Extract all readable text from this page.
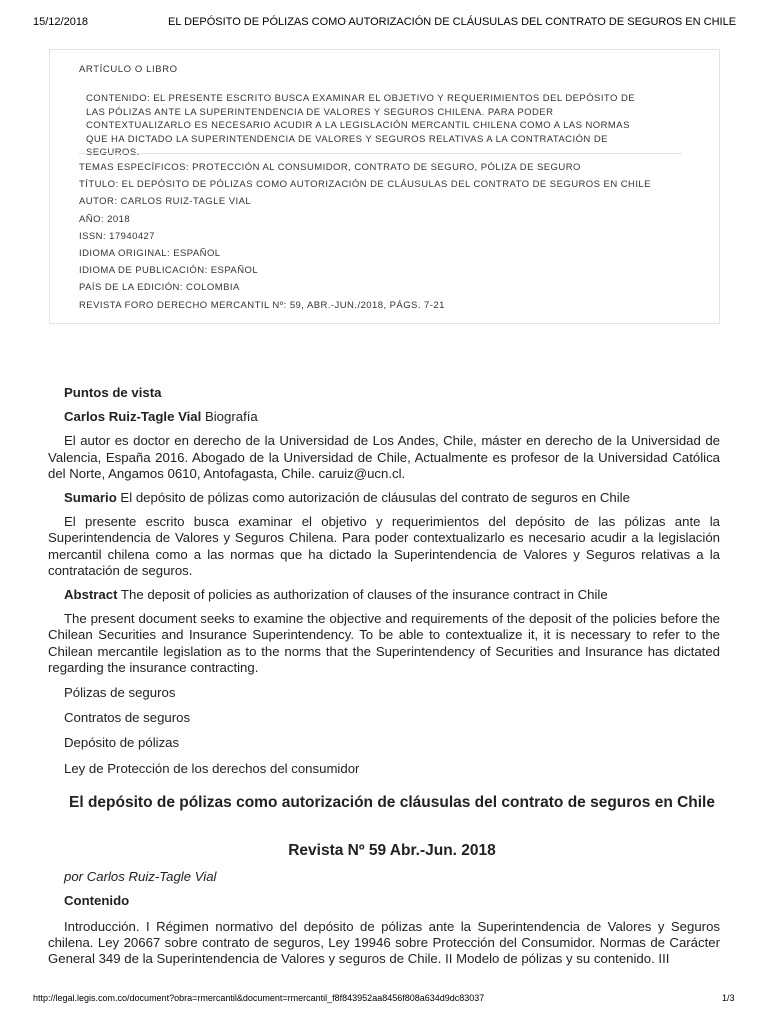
15/12/2018	EL DEPÓSITO DE PÓLIZAS COMO AUTORIZACIÓN DE CLÁUSULAS DEL CONTRATO DE SEGUROS EN CHILE
ARTÍCULO O LIBRO
CONTENIDO: EL PRESENTE ESCRITO BUSCA EXAMINAR EL OBJETIVO Y REQUERIMIENTOS DEL DEPÓSITO DE LAS PÓLIZAS ANTE LA SUPERINTENDENCIA DE VALORES Y SEGUROS CHILENA. PARA PODER CONTEXTUALIZARLO ES NECESARIO ACUDIR A LA LEGISLACIÓN MERCANTIL CHILENA COMO A LAS NORMAS QUE HA DICTADO LA SUPERINTENDENCIA DE VALORES Y SEGUROS RELATIVAS A LA CONTRATACIÓN DE
TEMAS ESPECÍFICOS: PROTECCIÓN AL CONSUMIDOR, CONTRATO DE SEGURO, PÓLIZA DE SEGURO
TÍTULO: EL DEPÓSITO DE PÓLIZAS COMO AUTORIZACIÓN DE CLÁUSULAS DEL CONTRATO DE SEGUROS EN CHILE
AUTOR: CARLOS RUIZ-TAGLE VIAL
AÑO: 2018
ISSN: 17940427
IDIOMA ORIGINAL: ESPAÑOL
IDIOMA DE PUBLICACIÓN: ESPAÑOL
PAÍS DE LA EDICIÓN: COLOMBIA
REVISTA FORO DERECHO MERCANTIL Nº: 59, ABR.-JUN./2018, PÁGS. 7-21

Puntos de vista

Carlos Ruiz-Tagle Vial Biografía

El autor es doctor en derecho de la Universidad de Los Andes, Chile, máster en derecho de la Universidad de Valencia, España 2016. Abogado de la Universidad de Chile, Actualmente es profesor de la Universidad Católica del Norte, Angamos 0610, Antofagasta, Chile. caruiz@ucn.cl.

Sumario El depósito de pólizas como autorización de cláusulas del contrato de seguros en Chile

El presente escrito busca examinar el objetivo y requerimientos del depósito de las pólizas ante la Superintendencia de Valores y Seguros Chilena. Para poder contextualizarlo es necesario acudir a la legislación mercantil chilena como a las normas que ha dictado la Superintendencia de Valores y Seguros relativas a la contratación de seguros.

Abstract The deposit of policies as authorization of clauses of the insurance contract in Chile

The present document seeks to examine the objective and requirements of the deposit of the policies before the Chilean Securities and Insurance Superintendency. To be able to contextualize it, it is necessary to refer to the Chilean mercantile legislation as to the norms that the Superintendency of Securities and Insurance has dictated regarding the insurance contracting.

Pólizas de seguros

Contratos de seguros

Depósito de pólizas

Ley de Protección de los derechos del consumidor

El depósito de pólizas como autorización de cláusulas del contrato de seguros en Chile
Revista Nº 59 Abr.-Jun. 2018
por Carlos Ruiz-Tagle Vial
Contenido
Introducción. I Régimen normativo del depósito de pólizas ante la Superintendencia de Valores y Seguros chilena. Ley 20667 sobre contrato de seguros, Ley 19946 sobre Protección del Consumidor. Normas de Carácter General 349 de la Superintendencia de Valores y seguros de Chile. II Modelo de pólizas y su contenido. III
http://legal.legis.com.co/document?obra=rmercantil&document=rmercantil_f8f843952aa8456f808a634d9dc83037	1/3
